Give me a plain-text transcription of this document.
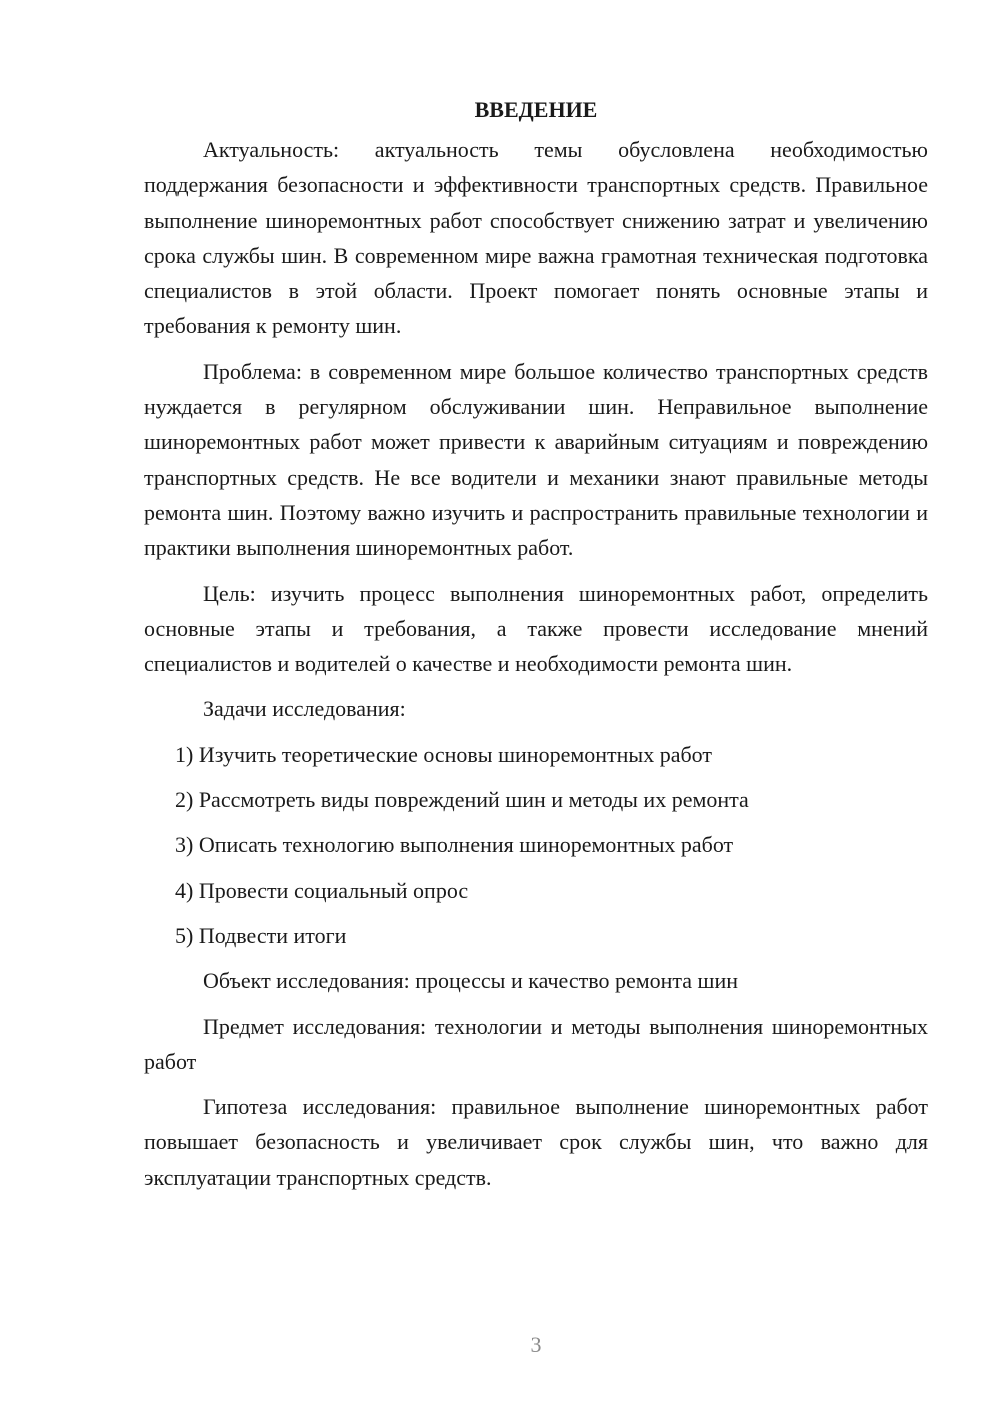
ВВЕДЕНИЕ

Актуальность: актуальность темы обусловлена необходимостью поддержания безопасности и эффективности транспортных средств. Правильное выполнение шиноремонтных работ способствует снижению затрат и увеличению срока службы шин. В современном мире важна грамотная техническая подготовка специалистов в этой области. Проект помогает понять основные этапы и требования к ремонту шин.

Проблема: в современном мире большое количество транспортных средств нуждается в регулярном обслуживании шин. Неправильное выполнение шиноремонтных работ может привести к аварийным ситуациям и повреждению транспортных средств. Не все водители и механики знают правильные методы ремонта шин. Поэтому важно изучить и распространить правильные технологии и практики выполнения шиноремонтных работ.

Цель: изучить процесс выполнения шиноремонтных работ, определить основные этапы и требования, а также провести исследование мнений специалистов и водителей о качестве и необходимости ремонта шин.

Задачи исследования:

1) Изучить теоретические основы шиноремонтных работ
2) Рассмотреть виды повреждений шин и методы их ремонта
3) Описать технологию выполнения шиноремонтных работ
4) Провести социальный опрос
5) Подвести итоги

Объект исследования: процессы и качество ремонта шин

Предмет исследования: технологии и методы выполнения шиноремонтных работ

Гипотеза исследования: правильное выполнение шиноремонтных работ повышает безопасность и увеличивает срок службы шин, что важно для эксплуатации транспортных средств.

3
